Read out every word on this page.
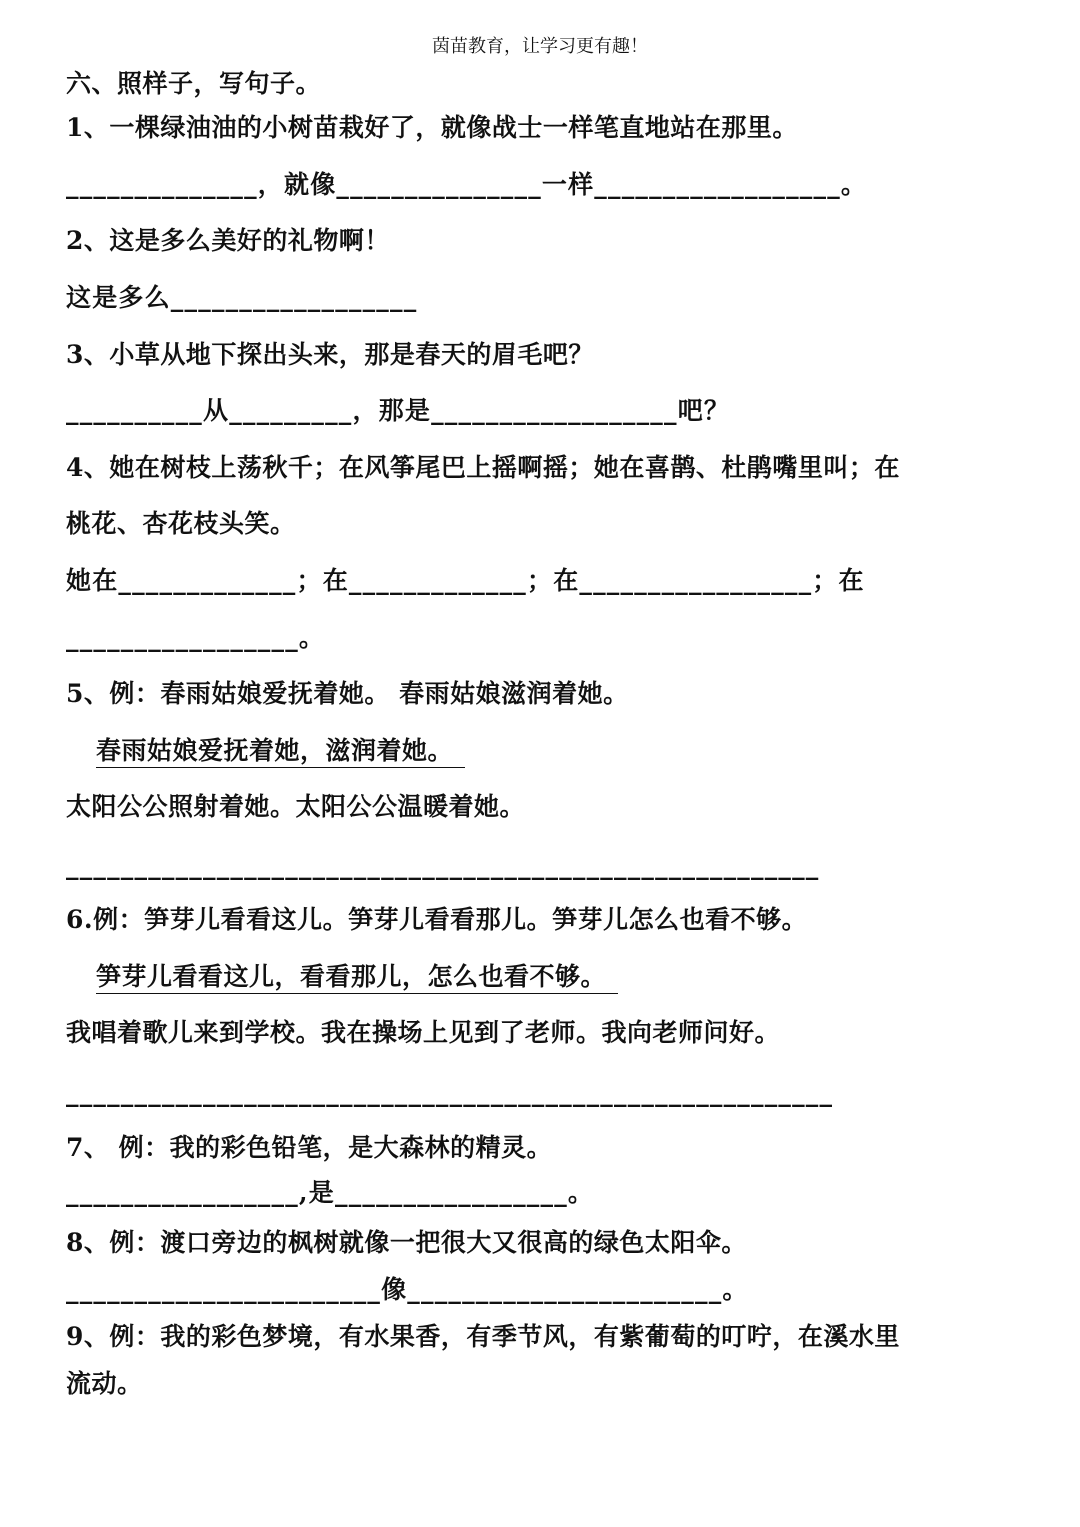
茵苗教育，让学习更有趣！
六、照样子，写句子。
1、一棵绿油油的小树苗栽好了，就像战士一样笔直地站在那里。
______________，就像_______________一样__________________。
2、这是多么美好的礼物啊！
这是多么__________________
3、小草从地下探出头来，那是春天的眉毛吧？
__________从_________，那是__________________吧？
4、她在树枝上荡秋千；在风筝尾巴上摇啊摇；她在喜鹊、杜鹃嘴里叫；在
桃花、杏花枝头笑。
她在_____________；在_____________；在_________________；在
_________________。
5、例：春雨姑娘爱抚着她。 春雨姑娘滋润着她。
春雨姑娘爱抚着她，滋润着她。
太阳公公照射着她。太阳公公温暖着她。
_______________________________________________________
6.例：笋芽儿看看这儿。笋芽儿看看那儿。笋芽儿怎么也看不够。
笋芽儿看看这儿，看看那儿，怎么也看不够。
我唱着歌儿来到学校。我在操场上见到了老师。我向老师问好。
________________________________________________________
7、 例：我的彩色铅笔，是大森林的精灵。
_________________,是_________________。
8、例：渡口旁边的枫树就像一把很大又很高的绿色太阳伞。
_______________________像_______________________。
9、例：我的彩色梦境，有水果香，有季节风，有紫葡萄的叮咛，在溪水里
流动。
